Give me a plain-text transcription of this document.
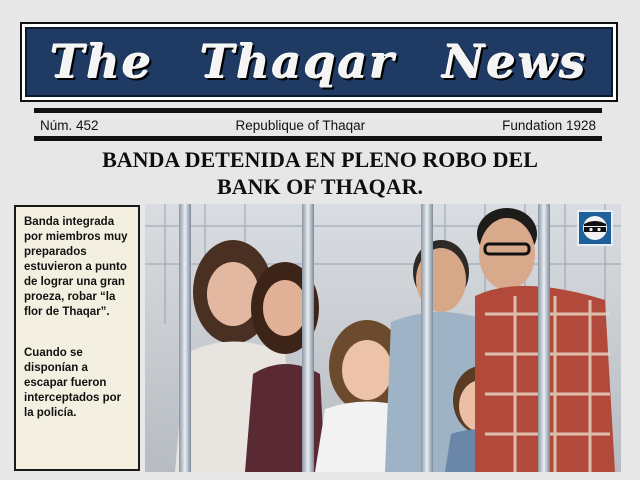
The Thaqar News
Núm. 452	Republique of Thaqar	Fundation 1928
BANDA DETENIDA EN PLENO ROBO DEL
BANK OF THAQAR.

Banda integrada por miembros muy preparados estuvieron a punto de lograr una gran proeza, robar “la flor de Thaqar”.

Cuando se disponían a escapar fueron interceptados por la policía.
